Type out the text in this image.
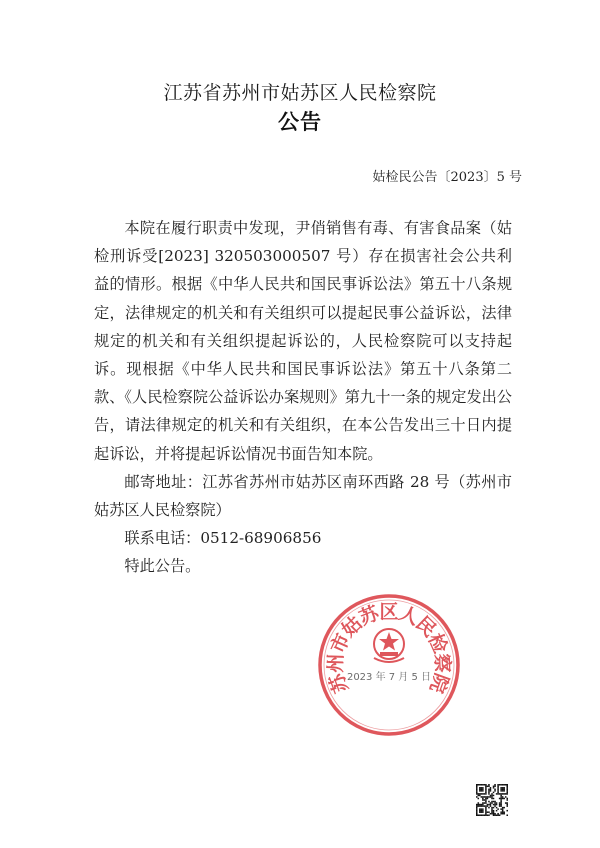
江苏省苏州市姑苏区人民检察院
公告
姑检民公告〔2023〕5 号

本院在履行职责中发现，尹俏销售有毒、有害食品案（姑检刑诉受[2023] 320503000507 号）存在损害社会公共利益的情形。根据《中华人民共和国民事诉讼法》第五十八条规定，法律规定的机关和有关组织可以提起民事公益诉讼，法律规定的机关和有关组织提起诉讼的，人民检察院可以支持起诉。现根据《中华人民共和国民事诉讼法》第五十八条第二款、《人民检察院公益诉讼办案规则》第九十一条的规定发出公告，请法律规定的机关和有关组织，在本公告发出三十日内提起诉讼，并将提起诉讼情况书面告知本院。

邮寄地址：江苏省苏州市姑苏区南环西路 28 号（苏州市姑苏区人民检察院）

联系电话：0512-68906856

特此公告。

苏
州
市
姑
苏
区
人
民
检
察
院
2023 年 7 月 5 日
